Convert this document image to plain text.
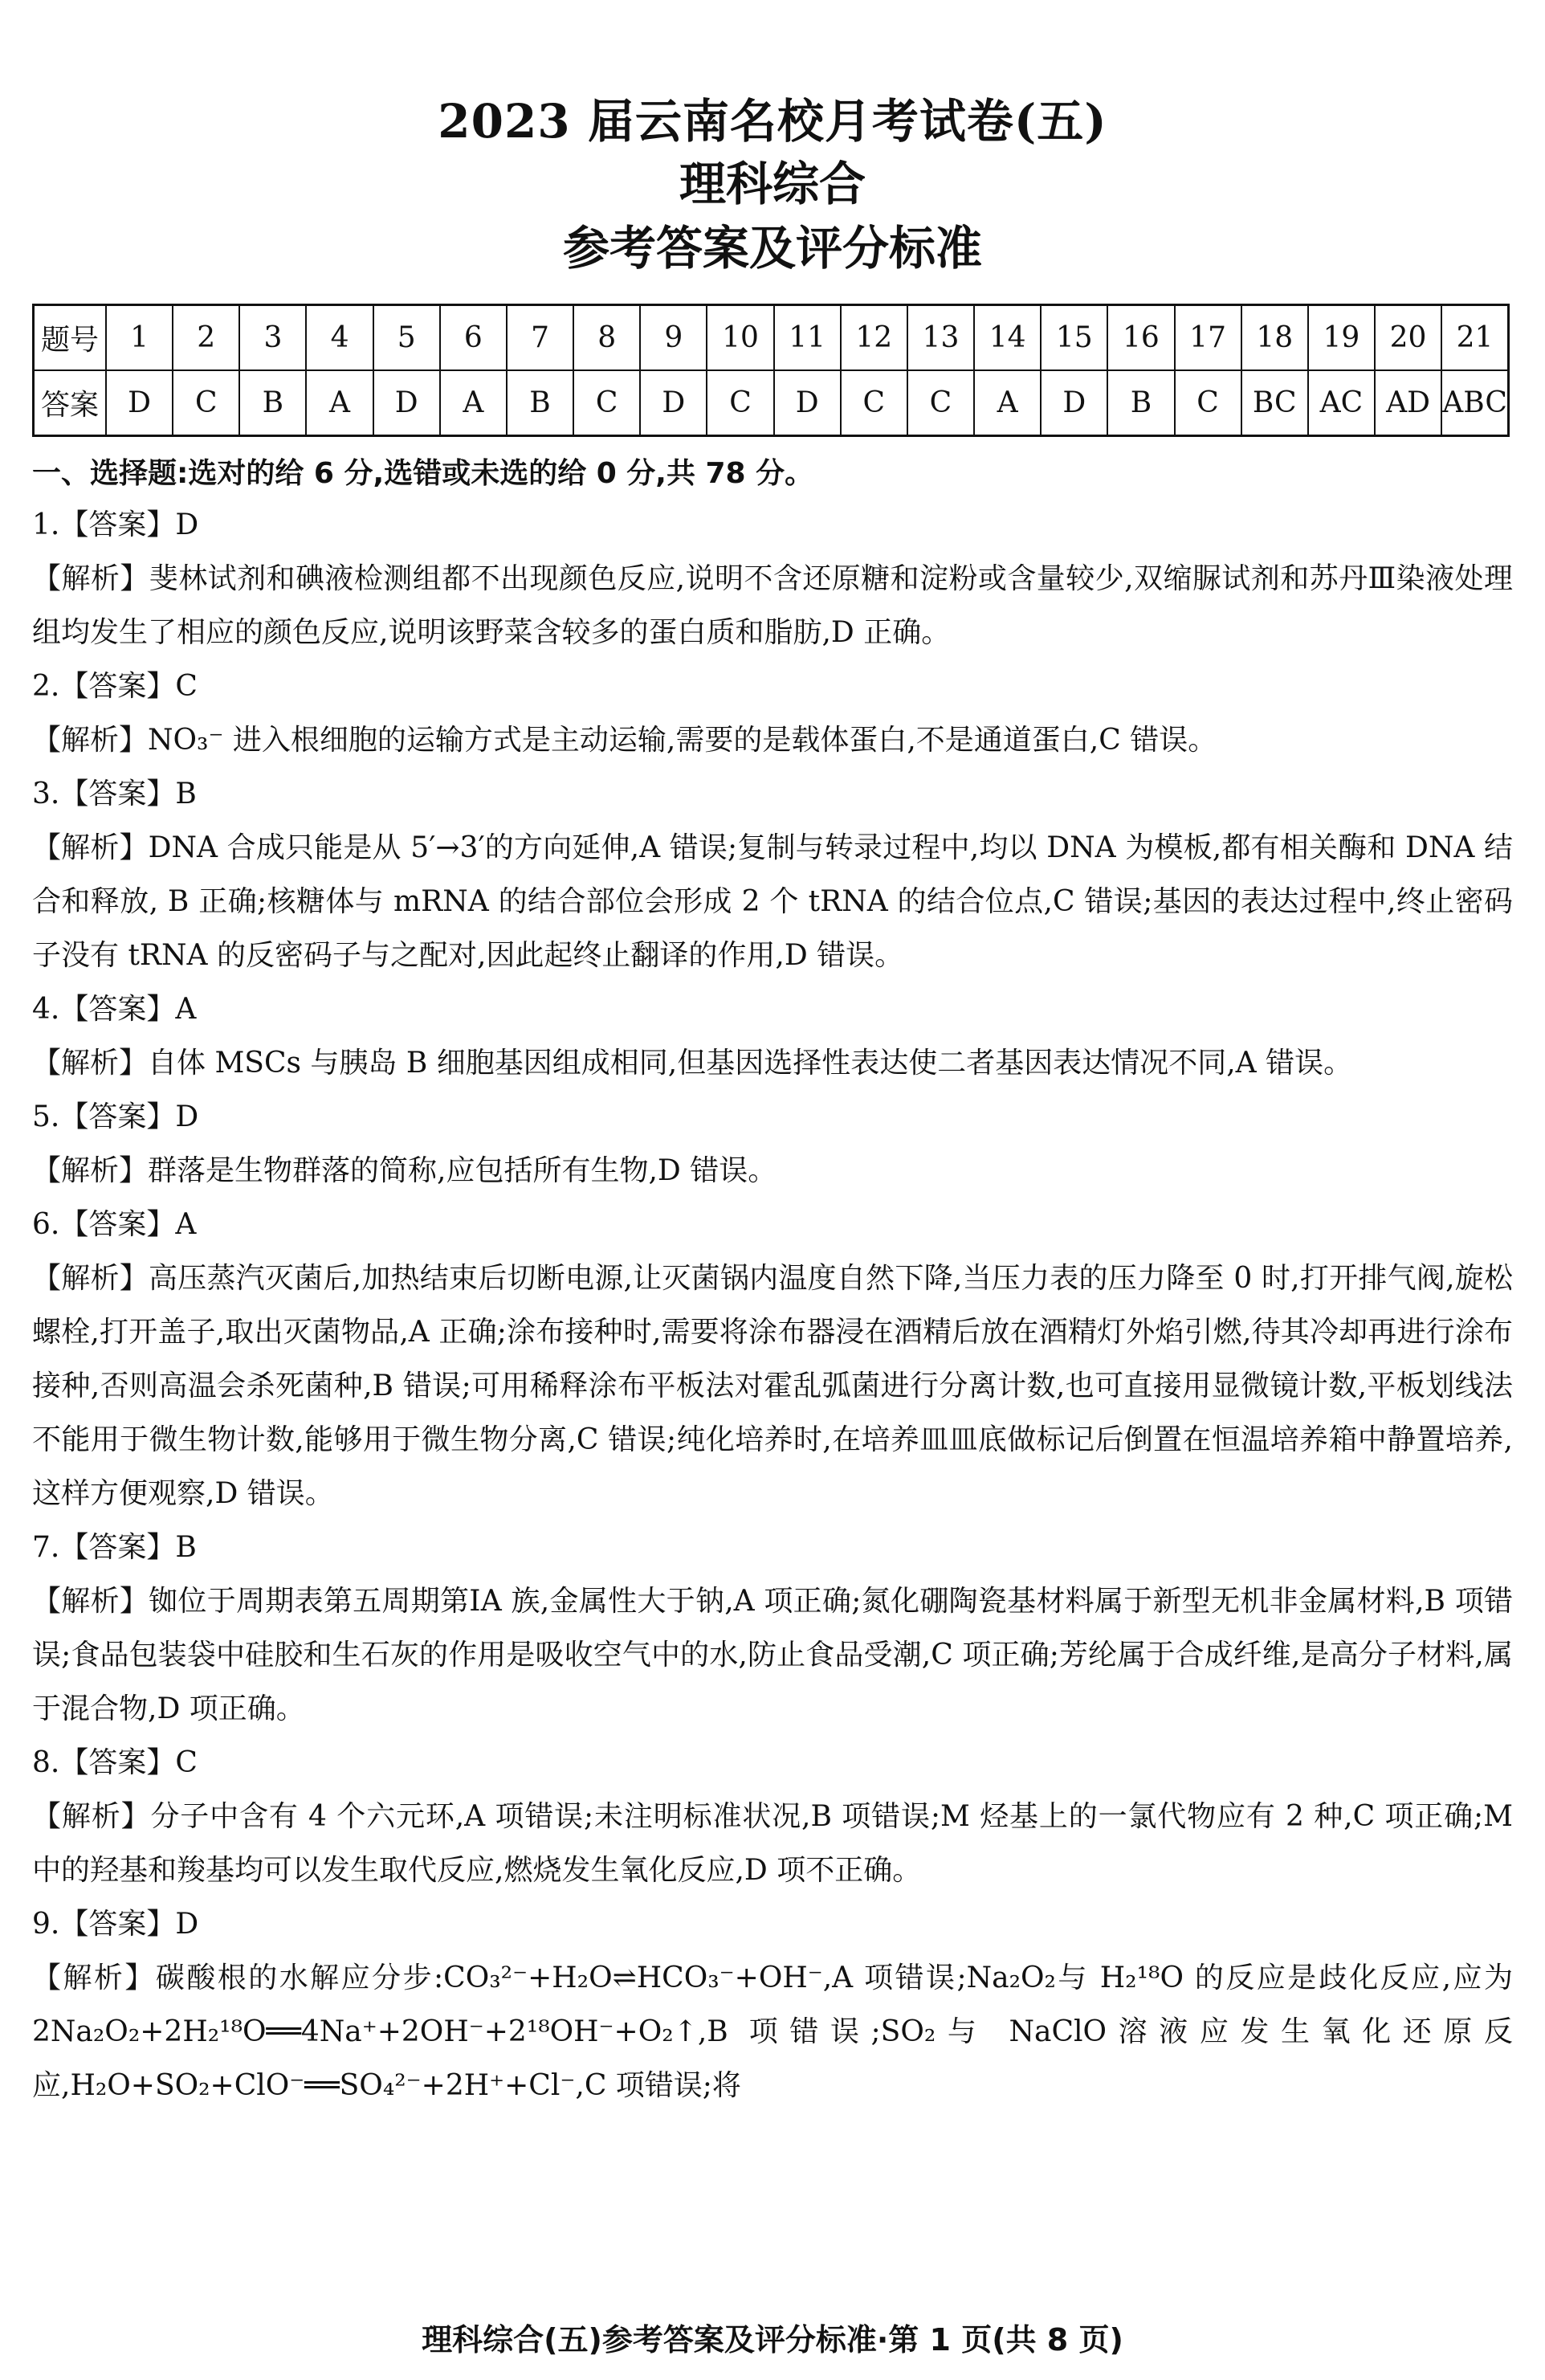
2023 届云南名校月考试卷(五)
理科综合
参考答案及评分标准
题号	1	2	3	4	5	6	7	8	9	10	11	12	13	14	15	16	17	18	19	20	21
答案	D	C	B	A	D	A	B	C	D	C	D	C	C	A	D	B	C	BC	AC	AD	ABC
一、选择题:选对的给 6 分,选错或未选的给 0 分,共 78 分。
1.【答案】D
【解析】斐林试剂和碘液检测组都不出现颜色反应,说明不含还原糖和淀粉或含量较少,双缩脲试剂和苏丹Ⅲ染液处理组均发生了相应的颜色反应,说明该野菜含较多的蛋白质和脂肪,D 正确。
2.【答案】C
【解析】NO₃⁻ 进入根细胞的运输方式是主动运输,需要的是载体蛋白,不是通道蛋白,C 错误。
3.【答案】B
【解析】DNA 合成只能是从 5′→3′的方向延伸,A 错误;复制与转录过程中,均以 DNA 为模板,都有相关酶和 DNA 结合和释放, B 正确;核糖体与 mRNA 的结合部位会形成 2 个 tRNA 的结合位点,C 错误;基因的表达过程中,终止密码子没有 tRNA 的反密码子与之配对,因此起终止翻译的作用,D 错误。
4.【答案】A
【解析】自体 MSCs 与胰岛 B 细胞基因组成相同,但基因选择性表达使二者基因表达情况不同,A 错误。
5.【答案】D
【解析】群落是生物群落的简称,应包括所有生物,D 错误。
6.【答案】A
【解析】高压蒸汽灭菌后,加热结束后切断电源,让灭菌锅内温度自然下降,当压力表的压力降至 0 时,打开排气阀,旋松螺栓,打开盖子,取出灭菌物品,A 正确;涂布接种时,需要将涂布器浸在酒精后放在酒精灯外焰引燃,待其冷却再进行涂布接种,否则高温会杀死菌种,B 错误;可用稀释涂布平板法对霍乱弧菌进行分离计数,也可直接用显微镜计数,平板划线法不能用于微生物计数,能够用于微生物分离,C 错误;纯化培养时,在培养皿皿底做标记后倒置在恒温培养箱中静置培养,这样方便观察,D 错误。
7.【答案】B
【解析】铷位于周期表第五周期第ⅠA 族,金属性大于钠,A 项正确;氮化硼陶瓷基材料属于新型无机非金属材料,B 项错误;食品包装袋中硅胶和生石灰的作用是吸收空气中的水,防止食品受潮,C 项正确;芳纶属于合成纤维,是高分子材料,属于混合物,D 项正确。
8.【答案】C
【解析】分子中含有 4 个六元环,A 项错误;未注明标准状况,B 项错误;M 烃基上的一氯代物应有 2 种,C 项正确;M 中的羟基和羧基均可以发生取代反应,燃烧发生氧化反应,D 项不正确。
9.【答案】D
【解析】碳酸根的水解应分步:CO₃²⁻+H₂O⇌HCO₃⁻+OH⁻,A 项错误;Na₂O₂与 H₂¹⁸O 的反应是歧化反应,应为 2Na₂O₂+2H₂¹⁸O══4Na⁺+2OH⁻+2¹⁸OH⁻+O₂↑,B 项错误;SO₂与 NaClO溶液应发生氧化还原反应,H₂O+SO₂+ClO⁻══SO₄²⁻+2H⁺+Cl⁻,C 项错误;将
理科综合(五)参考答案及评分标准·第 1 页(共 8 页)
